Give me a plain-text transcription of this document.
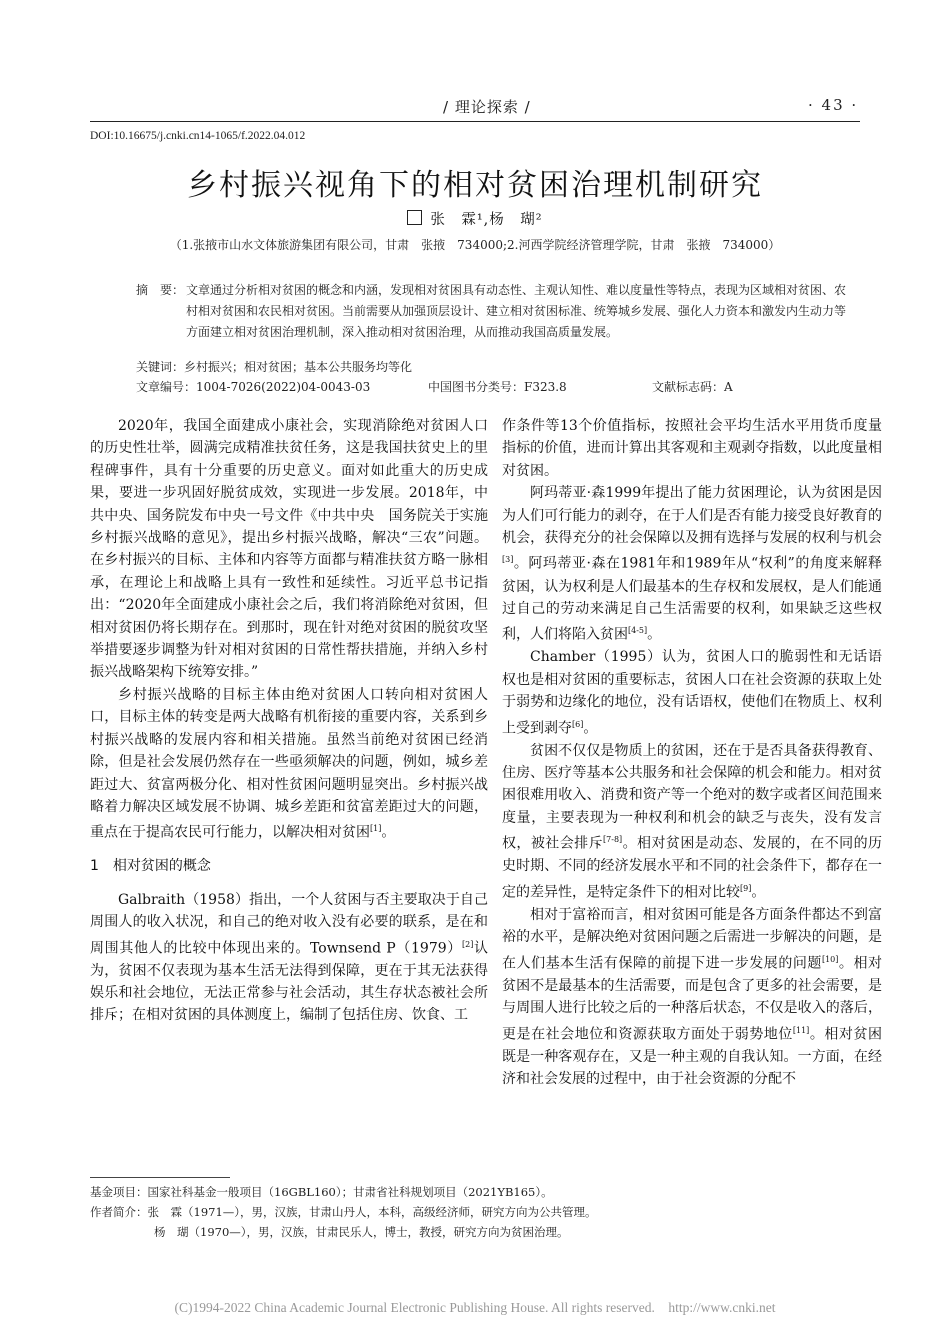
/ 理论探索 /	· 43 ·
DOI:10.16675/j.cnki.cn14-1065/f.2022.04.012
乡村振兴视角下的相对贫困治理机制研究
张　霖¹,杨　瑚²
（1.张掖市山水文体旅游集团有限公司，甘肃　张掖　734000;2.河西学院经济管理学院，甘肃　张掖　734000）
摘　要： 文章通过分析相对贫困的概念和内涵，发现相对贫困具有动态性、主观认知性、难以度量性等特点，表现为区域相对贫困、农村相对贫困和农民相对贫困。当前需要从加强顶层设计、建立相对贫困标准、统筹城乡发展、强化人力资本和激发内生动力等方面建立相对贫困治理机制，深入推动相对贫困治理，从而推动我国高质量发展。
关键词：乡村振兴；相对贫困；基本公共服务均等化
文章编号：1004-7026(2022)04-0043-03	中国图书分类号：F323.8	文献标志码：A

2020年，我国全面建成小康社会，实现消除绝对贫困人口的历史性壮举，圆满完成精准扶贫任务，这是我国扶贫史上的里程碑事件，具有十分重要的历史意义。面对如此重大的历史成果，要进一步巩固好脱贫成效，实现进一步发展。2018年，中共中央、国务院发布中央一号文件《中共中央　国务院关于实施乡村振兴战略的意见》，提出乡村振兴战略，解决“三农”问题。在乡村振兴的目标、主体和内容等方面都与精准扶贫方略一脉相承，在理论上和战略上具有一致性和延续性。习近平总书记指出：“2020年全面建成小康社会之后，我们将消除绝对贫困，但相对贫困仍将长期存在。到那时，现在针对绝对贫困的脱贫攻坚举措要逐步调整为针对相对贫困的日常性帮扶措施，并纳入乡村振兴战略架构下统筹安排。”

乡村振兴战略的目标主体由绝对贫困人口转向相对贫困人口，目标主体的转变是两大战略有机衔接的重要内容，关系到乡村振兴战略的发展内容和相关措施。虽然当前绝对贫困已经消除，但是社会发展仍然存在一些亟须解决的问题，例如，城乡差距过大、贫富两极分化、相对性贫困问题明显突出。乡村振兴战略着力解决区域发展不协调、城乡差距和贫富差距过大的问题，重点在于提高农民可行能力，以解决相对贫困[1]。

1　相对贫困的概念

Galbraith（1958）指出，一个人贫困与否主要取决于自己周围人的收入状况，和自己的绝对收入没有必要的联系，是在和周围其他人的比较中体现出来的。Townsend P（1979）[2]认为，贫困不仅表现为基本生活无法得到保障，更在于其无法获得娱乐和社会地位，无法正常参与社会活动，其生存状态被社会所排斥；在相对贫困的具体测度上，编制了包括住房、饮食、工

作条件等13个价值指标，按照社会平均生活水平用货币度量指标的价值，进而计算出其客观和主观剥夺指数，以此度量相对贫困。

阿玛蒂亚·森1999年提出了能力贫困理论，认为贫困是因为人们可行能力的剥夺，在于人们是否有能力接受良好教育的机会，获得充分的社会保障以及拥有选择与发展的权利与机会[3]。阿玛蒂亚·森在1981年和1989年从“权利”的角度来解释贫困，认为权利是人们最基本的生存权和发展权，是人们能通过自己的劳动来满足自己生活需要的权利，如果缺乏这些权利，人们将陷入贫困[4-5]。

Chamber（1995）认为，贫困人口的脆弱性和无话语权也是相对贫困的重要标志，贫困人口在社会资源的获取上处于弱势和边缘化的地位，没有话语权，使他们在物质上、权利上受到剥夺[6]。

贫困不仅仅是物质上的贫困，还在于是否具备获得教育、住房、医疗等基本公共服务和社会保障的机会和能力。相对贫困很难用收入、消费和资产等一个绝对的数字或者区间范围来度量，主要表现为一种权利和机会的缺乏与丧失，没有发言权，被社会排斥[7-8]。相对贫困是动态、发展的，在不同的历史时期、不同的经济发展水平和不同的社会条件下，都存在一定的差异性，是特定条件下的相对比较[9]。

相对于富裕而言，相对贫困可能是各方面条件都达不到富裕的水平，是解决绝对贫困问题之后需进一步解决的问题，是在人们基本生活有保障的前提下进一步发展的问题[10]。相对贫困不是最基本的生活需要，而是包含了更多的社会需要，是与周围人进行比较之后的一种落后状态，不仅是收入的落后，更是在社会地位和资源获取方面处于弱势地位[11]。相对贫困既是一种客观存在，又是一种主观的自我认知。一方面，在经济和社会发展的过程中，由于社会资源的分配不

基金项目：国家社科基金一般项目（16GBL160）；甘肃省社科规划项目（2021YB165）。
作者简介：张　霖（1971—），男，汉族，甘肃山丹人，本科，高级经济师，研究方向为公共管理。
杨　瑚（1970—），男，汉族，甘肃民乐人，博士，教授，研究方向为贫困治理。
(C)1994-2022 China Academic Journal Electronic Publishing House. All rights reserved.　http://www.cnki.net
